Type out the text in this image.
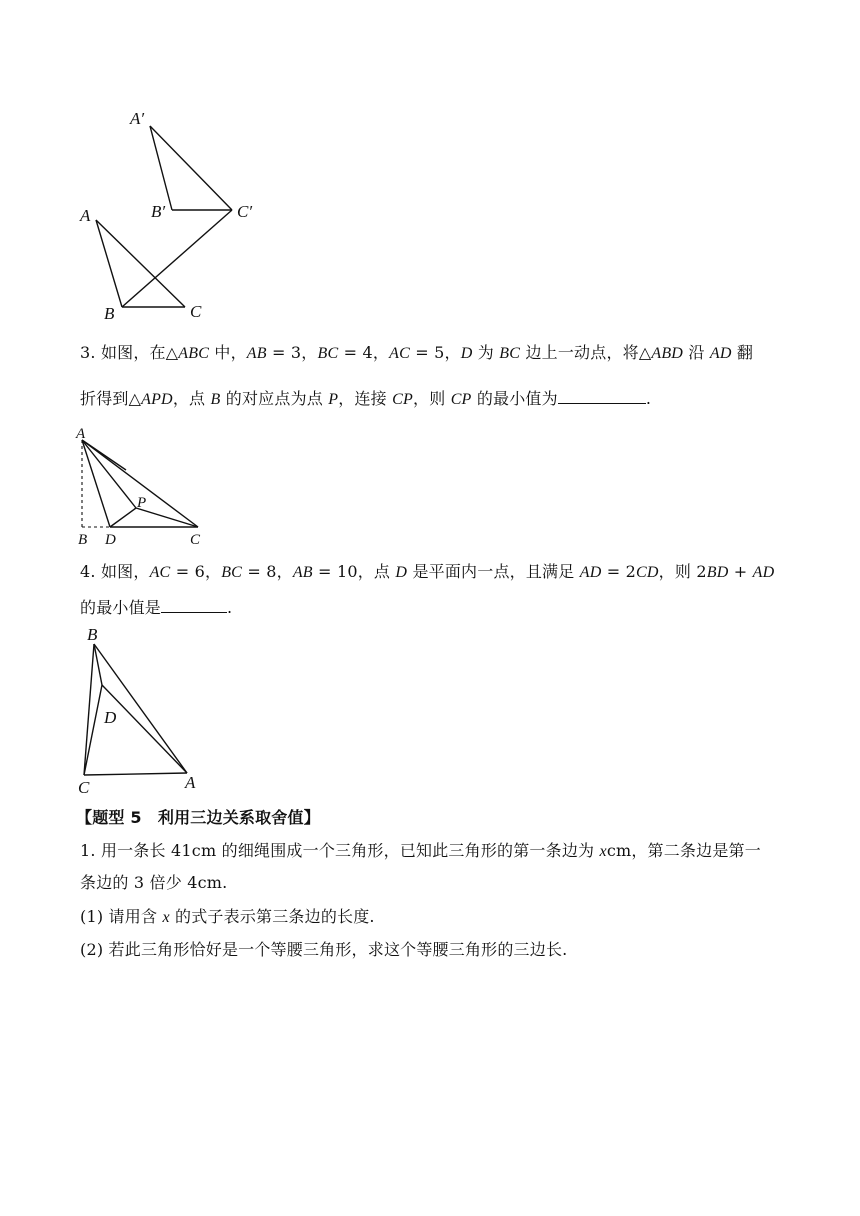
A′
B′	C′
A
B	C
3. 如图，在△ABC 中，AB = 3，BC = 4，AC = 5，D 为 BC 边上一动点，将△ABD 沿 AD 翻
折得到△APD，点 B 的对应点为点 P，连接 CP，则 CP 的最小值为	.
A
P
B D	C
4. 如图，AC = 6，BC = 8，AB = 10，点 D 是平面内一点，且满足 AD = 2CD，则 2BD + AD
的最小值是	.
B
D
C	A
【题型 5　利用三边关系取舍值】
1. 用一条长 41cm 的细绳围成一个三角形，已知此三角形的第一条边为 xcm，第二条边是第一
条边的 3 倍少 4cm.
(1) 请用含 x 的式子表示第三条边的长度.
(2) 若此三角形恰好是一个等腰三角形，求这个等腰三角形的三边长.
